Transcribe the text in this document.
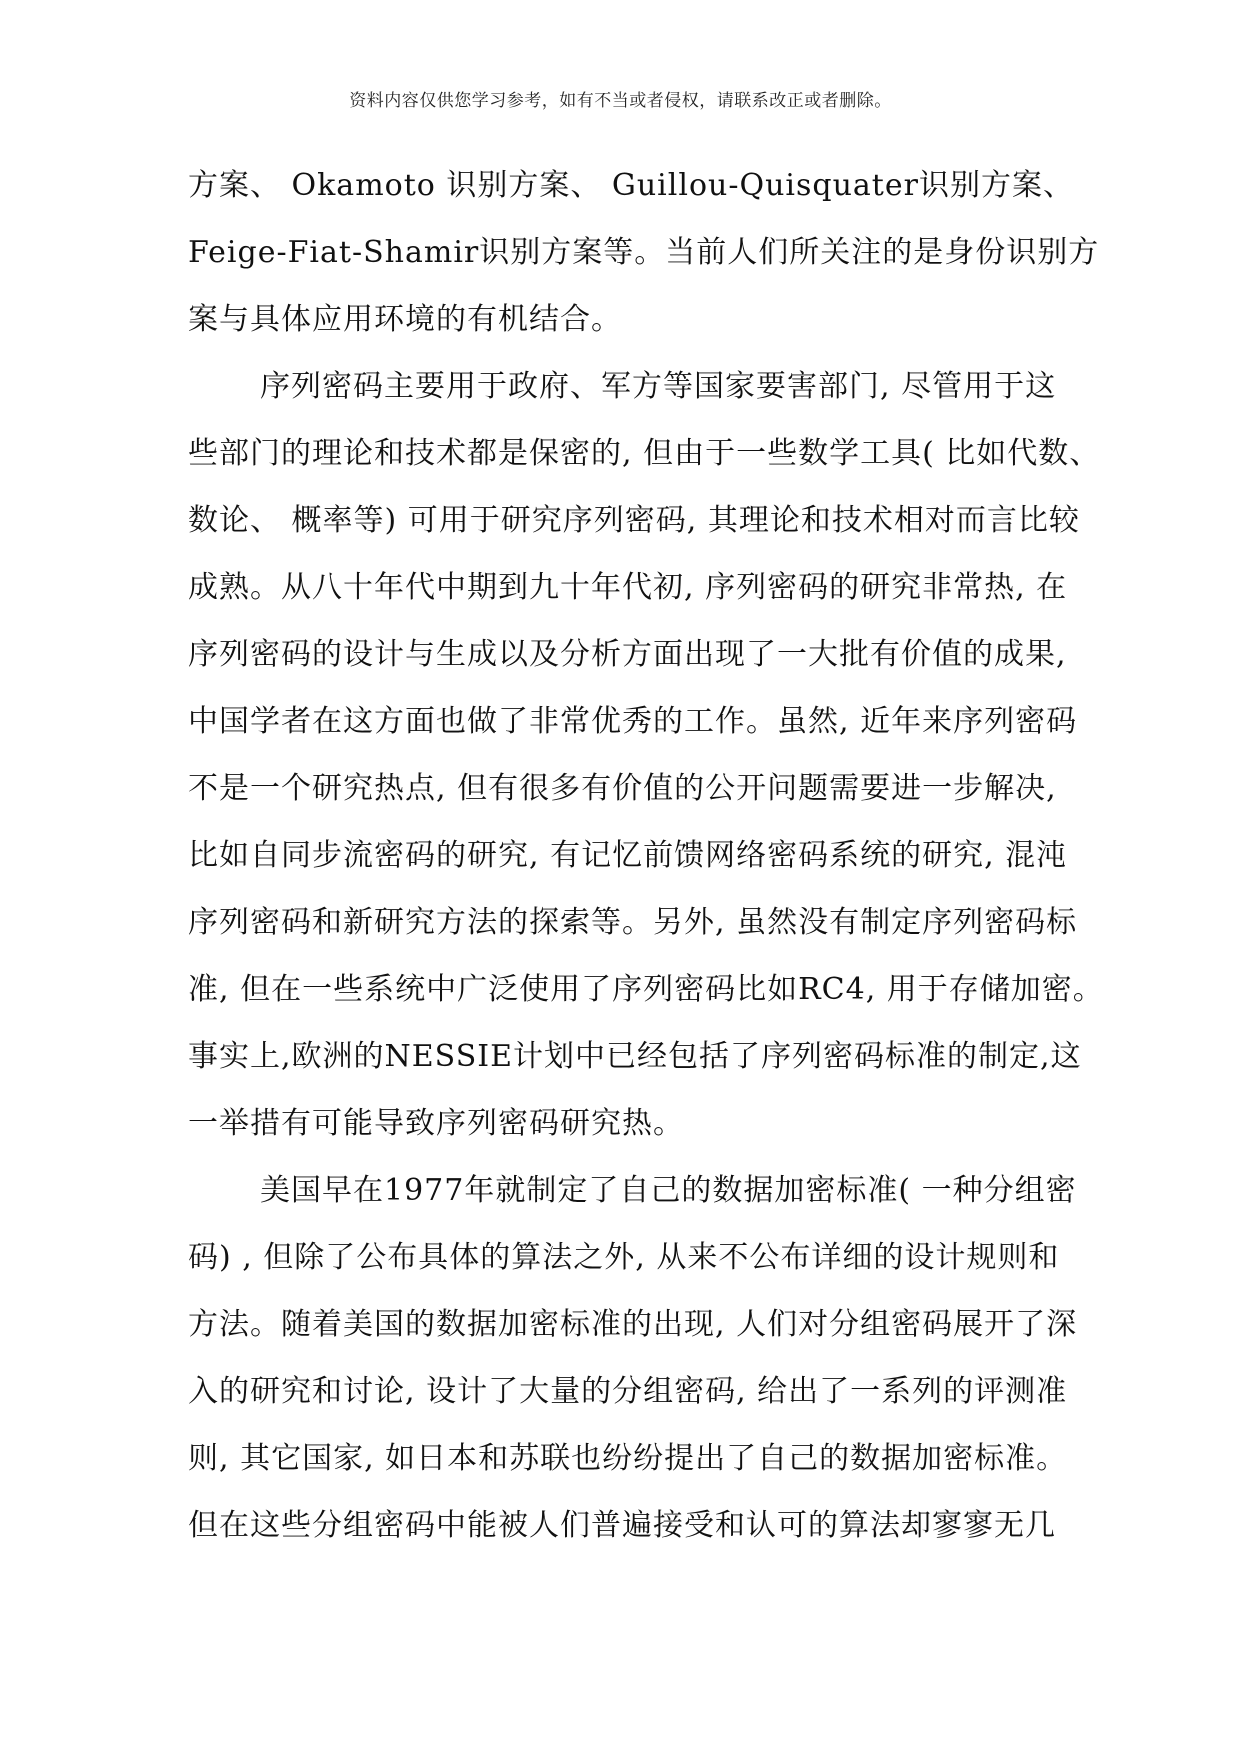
资料内容仅供您学习参考，如有不当或者侵权，请联系改正或者删除。
方案、 Okamoto 识别方案、 Guillou-Quisquater识别方案、
Feige-Fiat-Shamir识别方案等。当前人们所关注的是身份识别方
案与具体应用环境的有机结合。
序列密码主要用于政府、军方等国家要害部门, 尽管用于这
些部门的理论和技术都是保密的, 但由于一些数学工具( 比如代数、
数论、 概率等) 可用于研究序列密码, 其理论和技术相对而言比较
成熟。从八十年代中期到九十年代初, 序列密码的研究非常热, 在
序列密码的设计与生成以及分析方面出现了一大批有价值的成果,
中国学者在这方面也做了非常优秀的工作。虽然, 近年来序列密码
不是一个研究热点, 但有很多有价值的公开问题需要进一步解决,
比如自同步流密码的研究, 有记忆前馈网络密码系统的研究, 混沌
序列密码和新研究方法的探索等。另外, 虽然没有制定序列密码标
准, 但在一些系统中广泛使用了序列密码比如RC4, 用于存储加密。
事实上,欧洲的NESSIE计划中已经包括了序列密码标准的制定,这
一举措有可能导致序列密码研究热。
美国早在1977年就制定了自己的数据加密标准( 一种分组密
码) , 但除了公布具体的算法之外, 从来不公布详细的设计规则和
方法。随着美国的数据加密标准的出现, 人们对分组密码展开了深
入的研究和讨论, 设计了大量的分组密码, 给出了一系列的评测准
则, 其它国家, 如日本和苏联也纷纷提出了自己的数据加密标准。
但在这些分组密码中能被人们普遍接受和认可的算法却寥寥无几
